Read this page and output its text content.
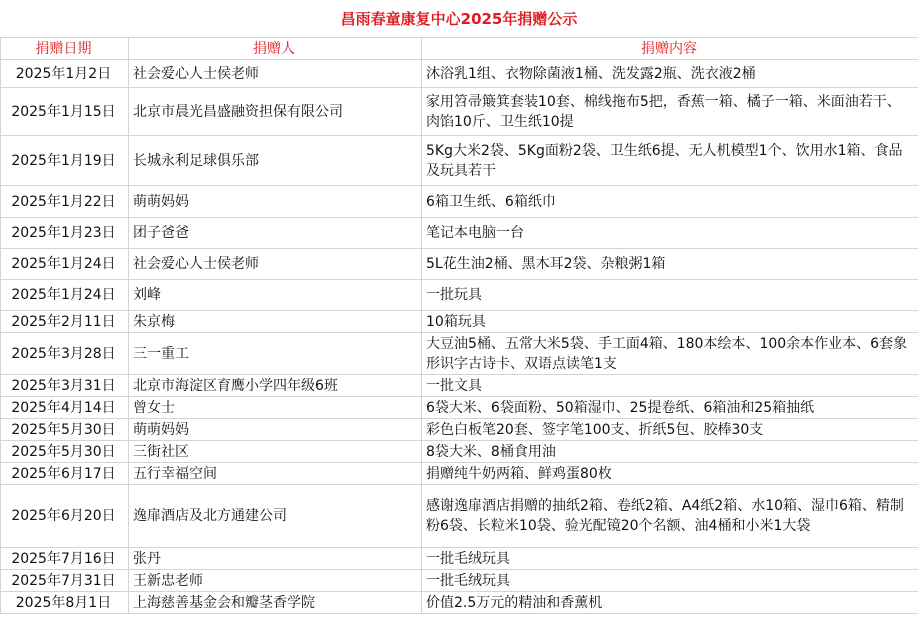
昌雨春童康复中心2025年捐赠公示
捐赠日期	捐赠人	捐赠内容
2025年1月2日	社会爱心人士侯老师	沐浴乳1组、衣物除菌液1桶、洗发露2瓶、洗衣液2桶
2025年1月15日	北京市晨光昌盛融资担保有限公司	家用笤帚簸箕套装10套、棉线拖布5把，香蕉一箱、橘子一箱、米面油若干、肉馅10斤、卫生纸10提
2025年1月19日	长城永利足球俱乐部	5Kg大米2袋、5Kg面粉2袋、卫生纸6提、无人机模型1个、饮用水1箱、食品及玩具若干
2025年1月22日	萌萌妈妈	6箱卫生纸、6箱纸巾
2025年1月23日	团子爸爸	笔记本电脑一台
2025年1月24日	社会爱心人士侯老师	5L花生油2桶、黑木耳2袋、杂粮粥1箱
2025年1月24日	刘峰	一批玩具
2025年2月11日	朱京梅	10箱玩具
2025年3月28日	三一重工	大豆油5桶、五常大米5袋、手工面4箱、180本绘本、100余本作业本、6套象形识字古诗卡、双语点读笔1支
2025年3月31日	北京市海淀区育鹰小学四年级6班	一批文具
2025年4月14日	曾女士	6袋大米、6袋面粉、50箱湿巾、25提卷纸、6箱油和25箱抽纸
2025年5月30日	萌萌妈妈	彩色白板笔20套、签字笔100支、折纸5包、胶棒30支
2025年5月30日	三街社区	8袋大米、8桶食用油
2025年6月17日	五行幸福空间	捐赠纯牛奶两箱、鲜鸡蛋80枚
2025年6月20日	逸扉酒店及北方通建公司	感谢逸扉酒店捐赠的抽纸2箱、卷纸2箱、A4纸2箱、水10箱、湿巾6箱、精制粉6袋、长粒米10袋、验光配镜20个名额、油4桶和小米1大袋
2025年7月16日	张丹	一批毛绒玩具
2025年7月31日	王新忠老师	一批毛绒玩具
2025年8月1日	上海慈善基金会和瓣茎香学院	价值2.5万元的精油和香薰机
